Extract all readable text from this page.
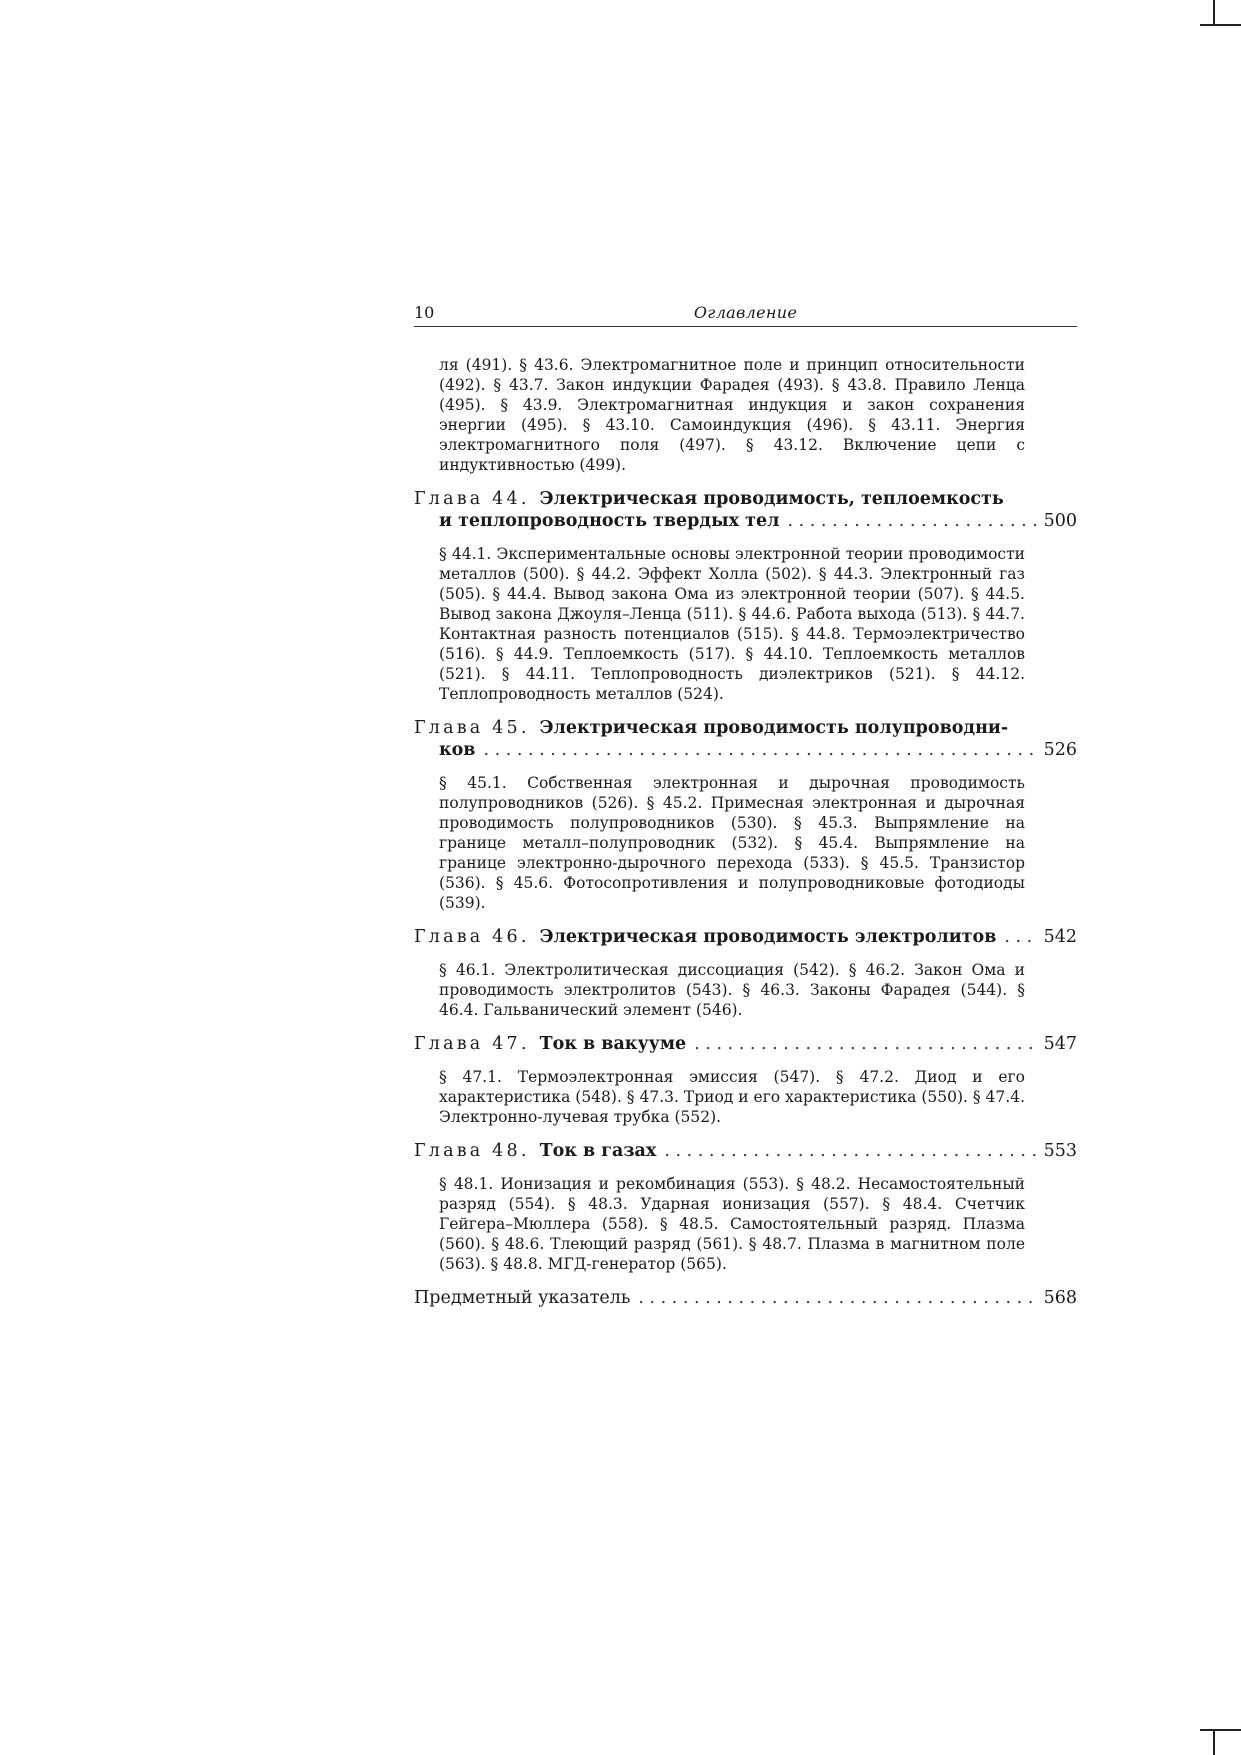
10	Оглавление

ля (491). § 43.6. Электромагнитное поле и принцип относительности (492). § 43.7. Закон индукции Фарадея (493). § 43.8. Правило Ленца (495). § 43.9. Электромагнитная индукция и закон сохранения энергии (495). § 43.10. Самоиндукция (496). § 43.11. Энергия электромагнитного поля (497). § 43.12. Включение цепи с индуктивностью (499).

Глава 44. Электрическая проводимость, теплоемкость
и теплопроводность твердых тел . . .	500

§ 44.1. Экспериментальные основы электронной теории проводимости металлов (500). § 44.2. Эффект Холла (502). § 44.3. Электронный газ (505). § 44.4. Вывод закона Ома из электронной теории (507). § 44.5. Вывод закона Джоуля–Ленца (511). § 44.6. Работа выхода (513). § 44.7. Контактная разность потенциалов (515). § 44.8. Термоэлектричество (516). § 44.9. Теплоемкость (517). § 44.10. Теплоемкость металлов (521). § 44.11. Теплопроводность диэлектриков (521). § 44.12. Теплопроводность металлов (524).

Глава 45. Электрическая проводимость полупроводни-
ков . . .	526

§ 45.1. Собственная электронная и дырочная проводимость полупроводников (526). § 45.2. Примесная электронная и дырочная проводимость полупроводников (530). § 45.3. Выпрямление на границе металл–полупроводник (532). § 45.4. Выпрямление на границе электронно-дырочного перехода (533). § 45.5. Транзистор (536). § 45.6. Фотосопротивления и полупроводниковые фотодиоды (539).

Глава 46. Электрическая проводимость электролитов . . .	542

§ 46.1. Электролитическая диссоциация (542). § 46.2. Закон Ома и проводимость электролитов (543). § 46.3. Законы Фарадея (544). § 46.4. Гальванический элемент (546).

Глава 47. Ток в вакууме . . .	547

§ 47.1. Термоэлектронная эмиссия (547). § 47.2. Диод и его характеристика (548). § 47.3. Триод и его характеристика (550). § 47.4. Электронно-лучевая трубка (552).

Глава 48. Ток в газах . . .	553

§ 48.1. Ионизация и рекомбинация (553). § 48.2. Несамостоятельный разряд (554). § 48.3. Ударная ионизация (557). § 48.4. Счетчик Гейгера–Мюллера (558). § 48.5. Самостоятельный разряд. Плазма (560). § 48.6. Тлеющий разряд (561). § 48.7. Плазма в магнитном поле (563). § 48.8. МГД-генератор (565).

Предметный указатель . . .	568
